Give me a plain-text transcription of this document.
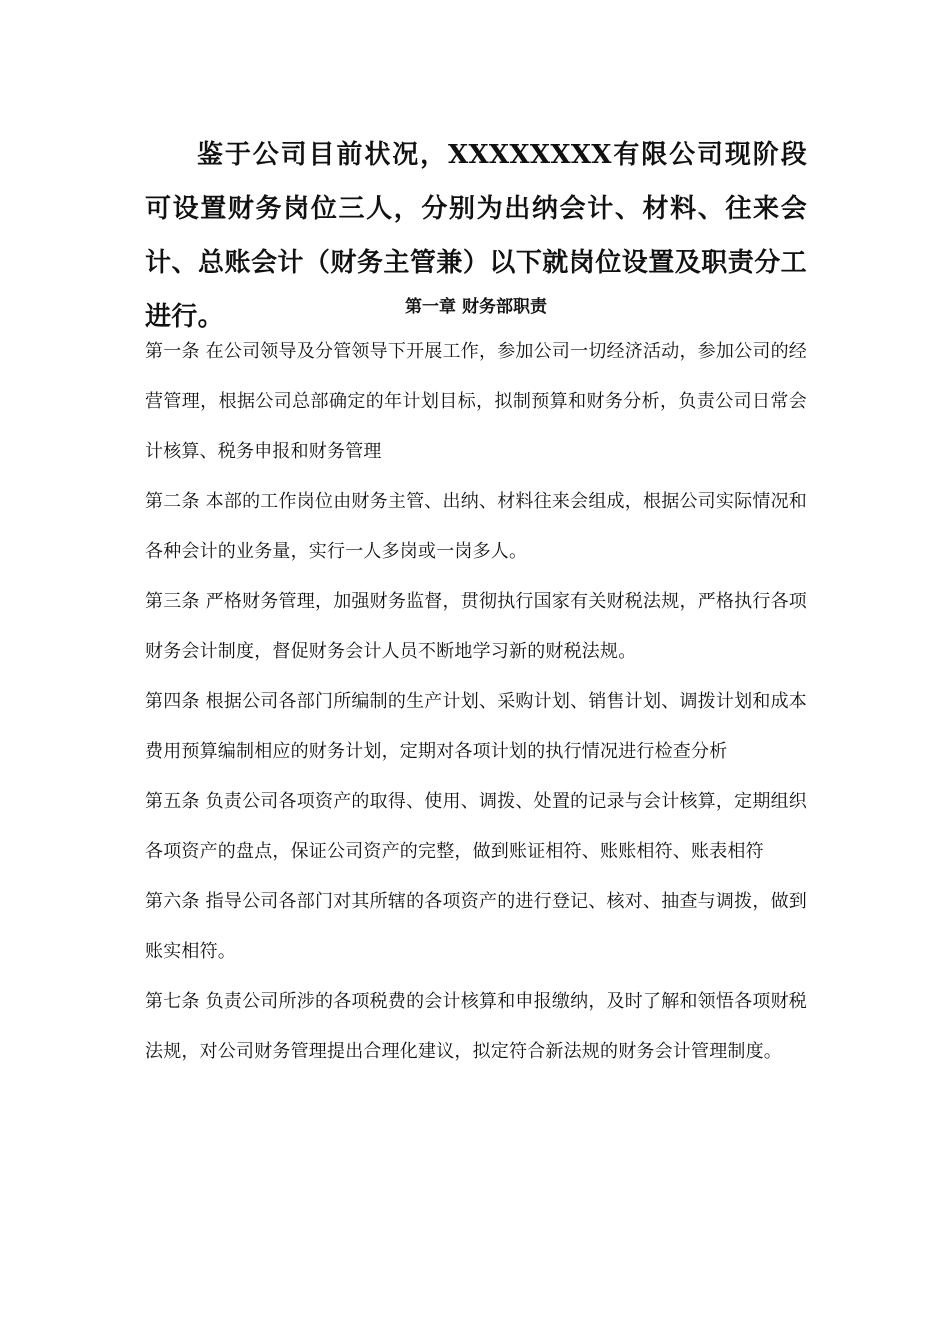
鉴于公司目前状况，XXXXXXXX有限公司现阶段可设置财务岗位三人，分别为出纳会计、材料、往来会计、总账会计（财务主管兼）以下就岗位设置及职责分工进行。	第一章 财务部职责

第一条 在公司领导及分管领导下开展工作，参加公司一切经济活动，参加公司的经营管理，根据公司总部确定的年计划目标，拟制预算和财务分析，负责公司日常会计核算、税务申报和财务管理

第二条 本部的工作岗位由财务主管、出纳、材料往来会组成，根据公司实际情况和各种会计的业务量，实行一人多岗或一岗多人。

第三条 严格财务管理，加强财务监督，贯彻执行国家有关财税法规，严格执行各项财务会计制度，督促财务会计人员不断地学习新的财税法规。

第四条 根据公司各部门所编制的生产计划、采购计划、销售计划、调拨计划和成本费用预算编制相应的财务计划，定期对各项计划的执行情况进行检查分析

第五条 负责公司各项资产的取得、使用、调拨、处置的记录与会计核算，定期组织各项资产的盘点，保证公司资产的完整，做到账证相符、账账相符、账表相符

第六条 指导公司各部门对其所辖的各项资产的进行登记、核对、抽查与调拨，做到账实相符。

第七条 负责公司所涉的各项税费的会计核算和申报缴纳，及时了解和领悟各项财税法规，对公司财务管理提出合理化建议，拟定符合新法规的财务会计管理制度。
